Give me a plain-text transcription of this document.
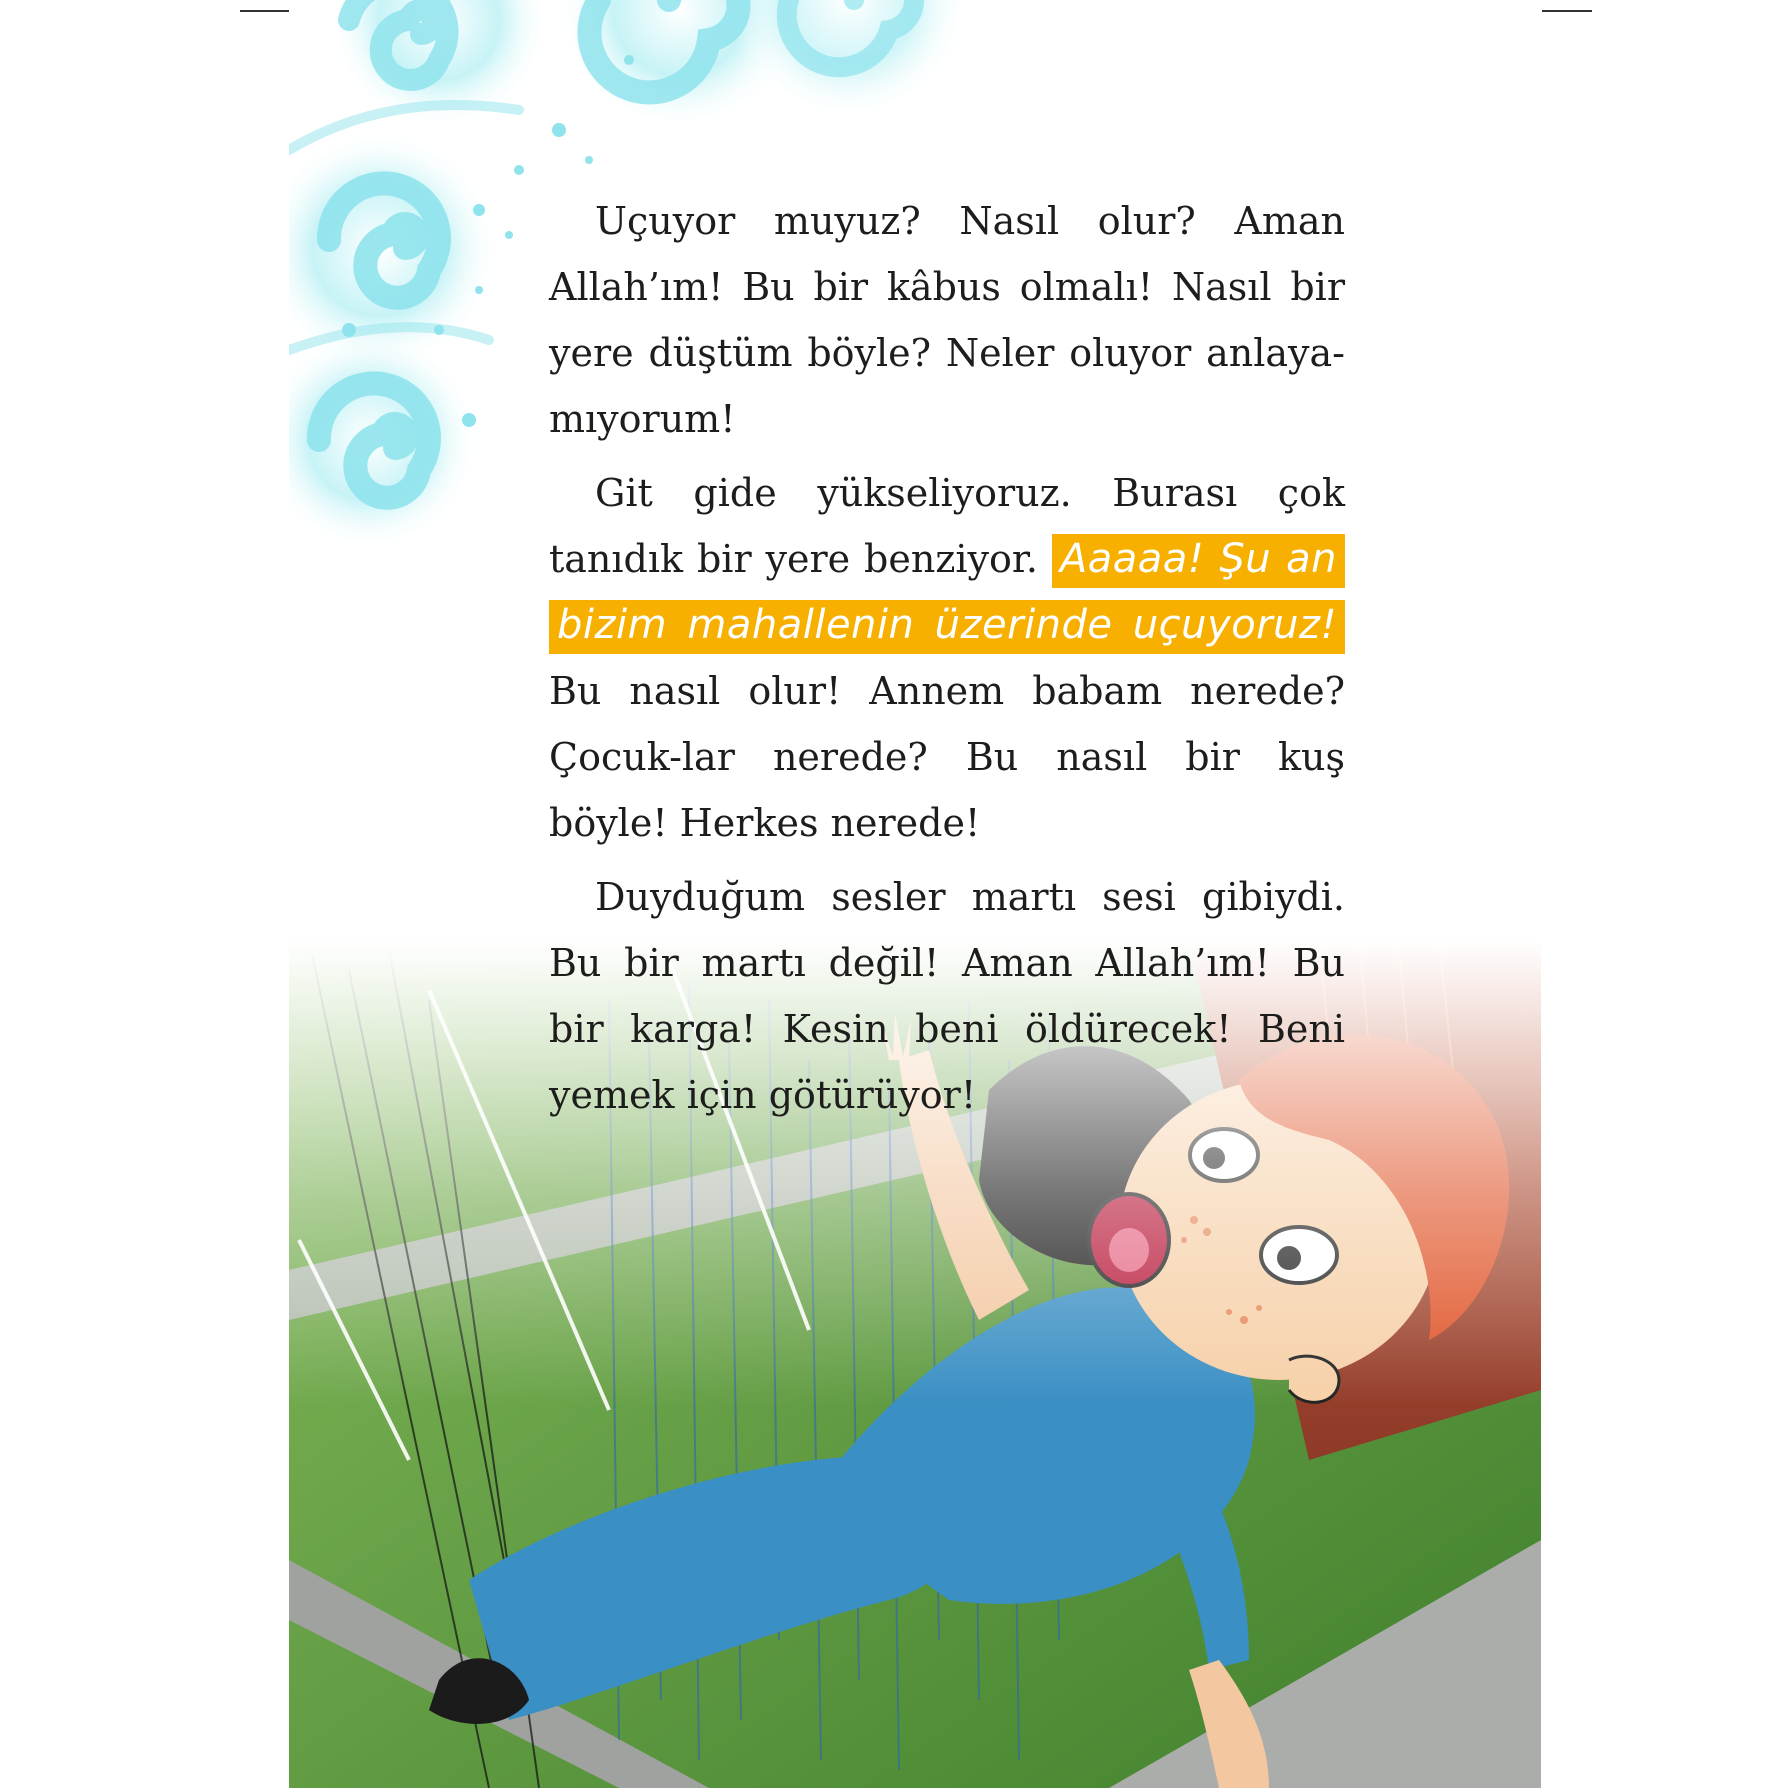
Uçuyor muyuz? Nasıl olur? Aman Allah’ım! Bu bir kâbus olmalı! Nasıl bir yere düştüm böyle? Neler oluyor anlaya-mıyorum!

Git gide yükseliyoruz. Burası çok tanıdık bir yere benziyor. Aaaaa! Şu an bizim mahallenin üzerinde uçuyoruz! Bu nasıl olur! Annem babam nerede? Çocuk-lar nerede? Bu nasıl bir kuş böyle! Herkes nerede!

Duyduğum sesler martı sesi gibiydi. Bu bir martı değil! Aman Allah’ım! Bu bir karga! Kesin beni öldürecek! Beni yemek için götürüyor!
